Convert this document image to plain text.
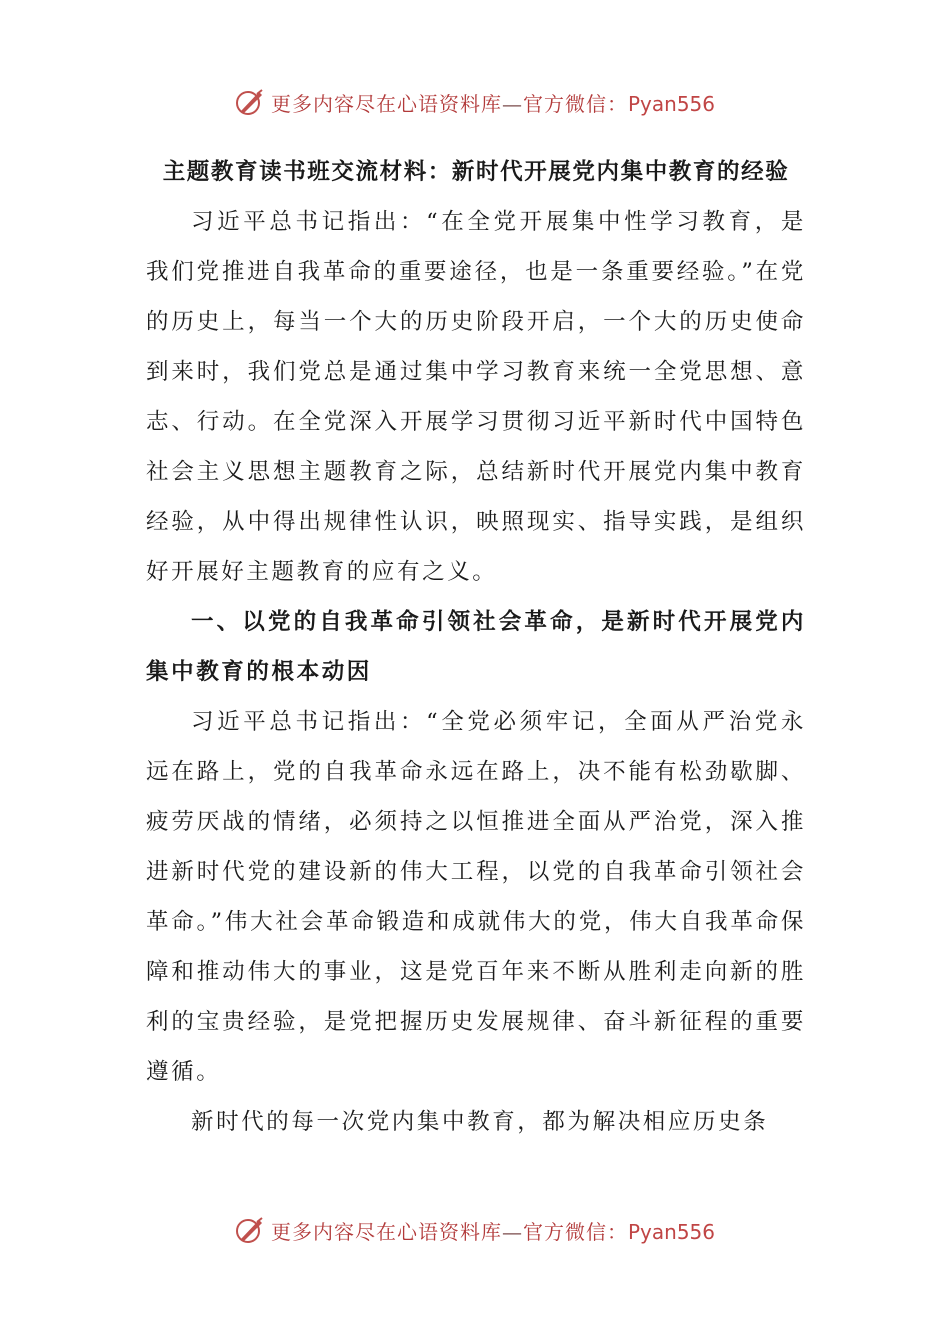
更多内容尽在心语资料库—官方微信：Pyan556
主题教育读书班交流材料：新时代开展党内集中教育的经验

习近平总书记指出：“在全党开展集中性学习教育，是我们党推进自我革命的重要途径，也是一条重要经验。”在党的历史上，每当一个大的历史阶段开启，一个大的历史使命到来时，我们党总是通过集中学习教育来统一全党思想、意志、行动。在全党深入开展学习贯彻习近平新时代中国特色社会主义思想主题教育之际，总结新时代开展党内集中教育经验，从中得出规律性认识，映照现实、指导实践，是组织好开展好主题教育的应有之义。

一、以党的自我革命引领社会革命，是新时代开展党内集中教育的根本动因

习近平总书记指出：“全党必须牢记，全面从严治党永远在路上，党的自我革命永远在路上，决不能有松劲歇脚、疲劳厌战的情绪，必须持之以恒推进全面从严治党，深入推进新时代党的建设新的伟大工程，以党的自我革命引领社会革命。”伟大社会革命锻造和成就伟大的党，伟大自我革命保障和推动伟大的事业，这是党百年来不断从胜利走向新的胜利的宝贵经验，是党把握历史发展规律、奋斗新征程的重要遵循。

新时代的每一次党内集中教育，都为解决相应历史条

更多内容尽在心语资料库—官方微信：Pyan556
